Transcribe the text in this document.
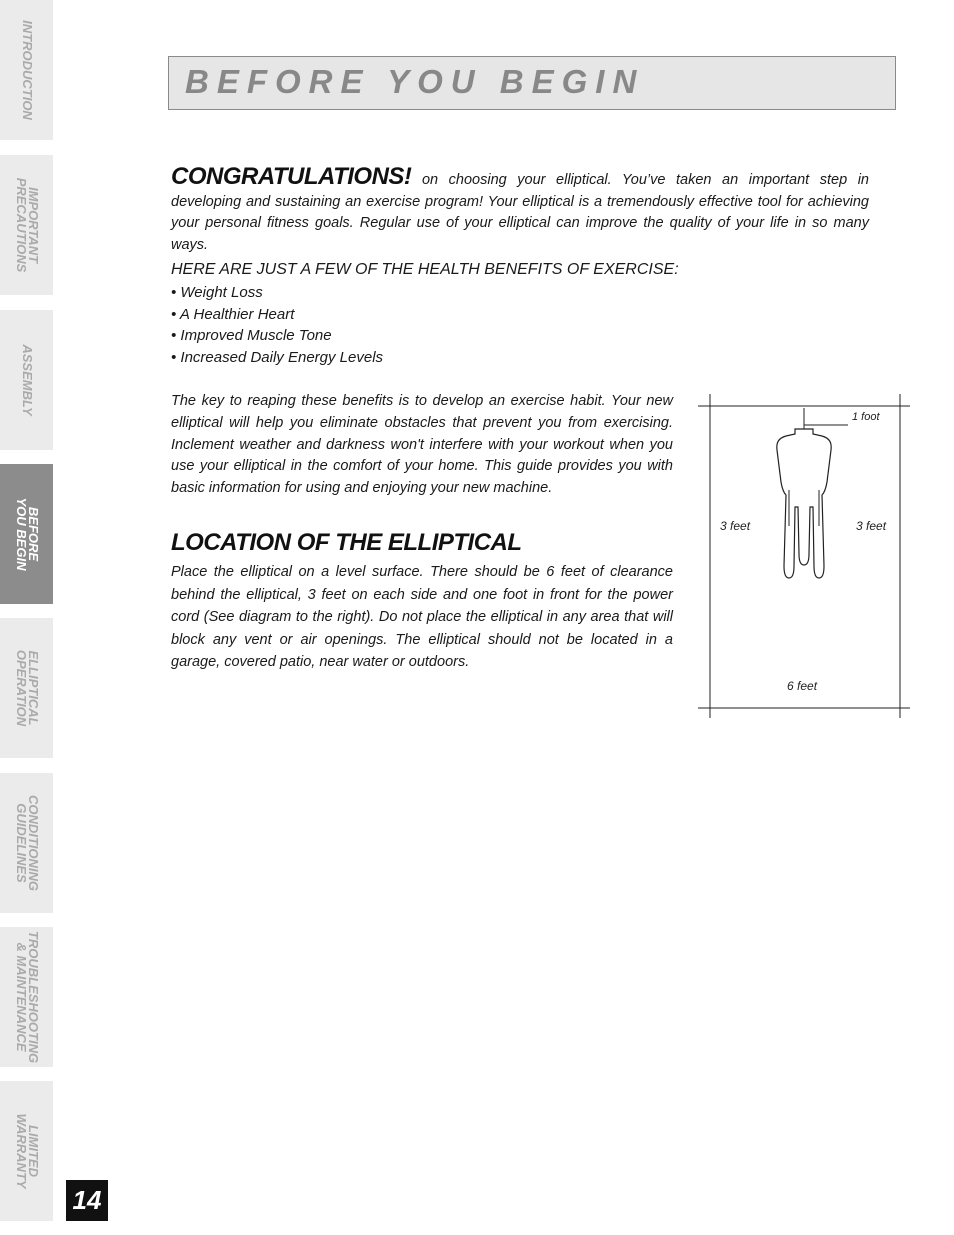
INTRODUCTION
IMPORTANT
PRECAUTIONS
ASSEMBLY
BEFORE
YOU BEGIN
ELLIPTICAL
OPERATION
CONDITIONING
GUIDELINES
TROUBLESHOOTING
& MAINTENANCE
LIMITED
WARRANTY
14
BEFORE YOU BEGIN
CONGRATULATIONS! on choosing your elliptical. You’ve taken an important step in developing and sustaining an exercise program! Your elliptical is a tremendously effective tool for achieving your personal fitness goals. Regular use of your elliptical can improve the quality of your life in so many ways.
HERE ARE JUST A FEW OF THE HEALTH BENEFITS OF EXERCISE:
• Weight Loss
• A Healthier Heart
• Improved Muscle Tone
• Increased Daily Energy Levels
The key to reaping these benefits is to develop an exercise habit. Your new elliptical will help you eliminate obstacles that prevent you from exercising. Inclement weather and darkness won't interfere with your workout when you use your elliptical in the comfort of your home. This guide provides you with basic information for using and enjoying your new machine.
LOCATION OF THE ELLIPTICAL
Place the elliptical on a level surface. There should be 6 feet of clearance behind the elliptical, 3 feet on each side and one foot in front for the power cord (See diagram to the right). Do not place the elliptical in any area that will block any vent or air openings. The elliptical should not be located in a garage, covered patio, near water or outdoors.
1 foot
3 feet	3 feet
6 feet
